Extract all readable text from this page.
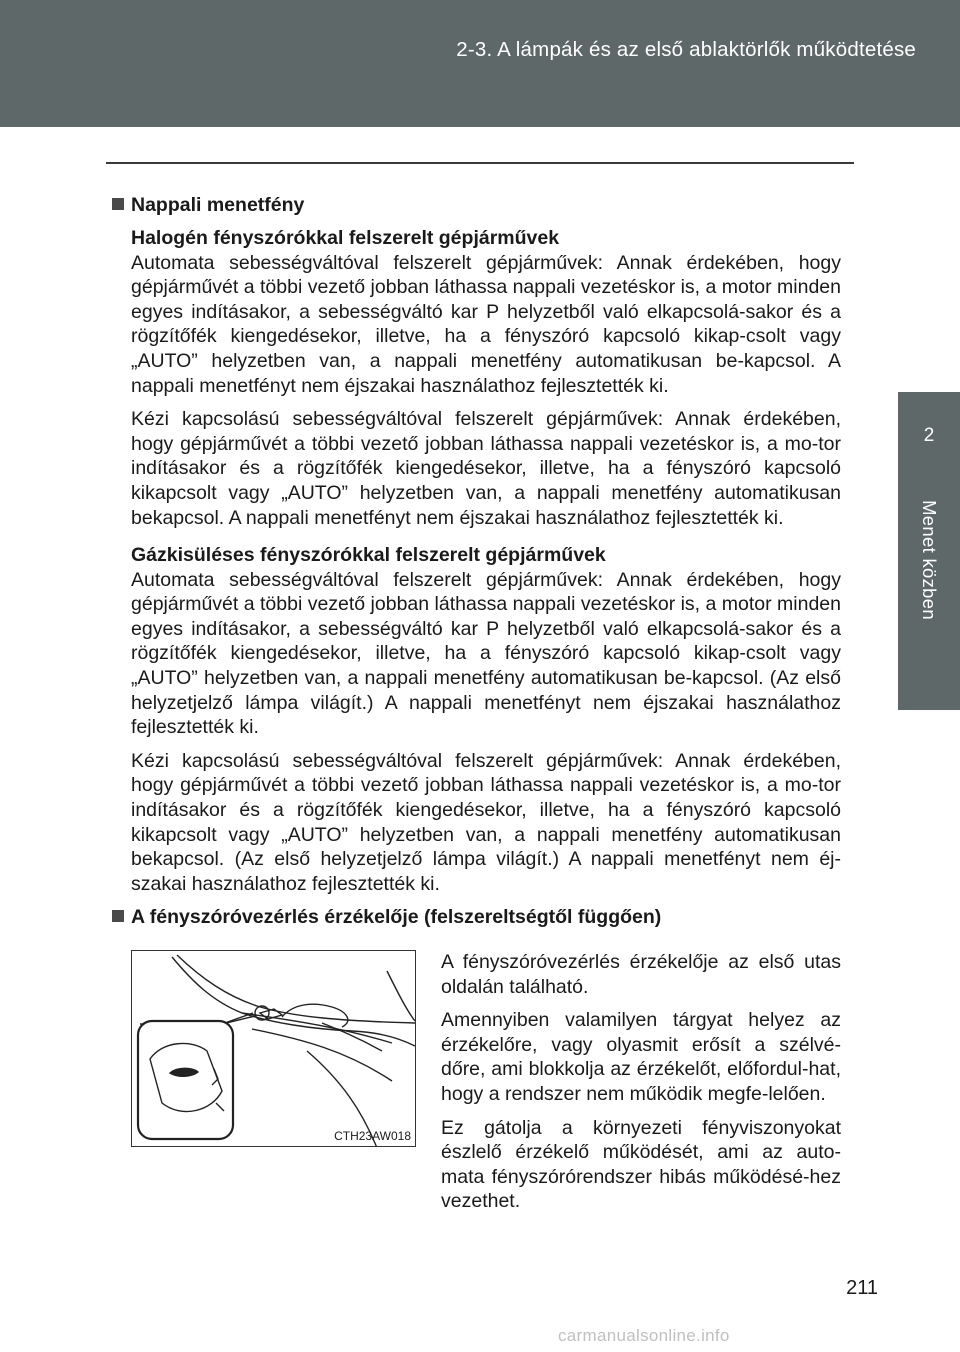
2-3. A lámpák és az első ablaktörlők működtetése
2
Menet közben
Nappali menetfény
Halogén fényszórókkal felszerelt gépjárművek

Automata sebességváltóval felszerelt gépjárművek: Annak érdekében, hogy gépjárművét a többi vezető jobban láthassa nappali vezetéskor is, a motor minden egyes indításakor, a sebességváltó kar P helyzetből való elkapcsolá-sakor és a rögzítőfék kiengedésekor, illetve, ha a fényszóró kapcsoló kikap-csolt vagy „AUTO” helyzetben van, a nappali menetfény automatikusan be-kapcsol. A nappali menetfényt nem éjszakai használathoz fejlesztették ki.

Kézi kapcsolású sebességváltóval felszerelt gépjárművek: Annak érdekében, hogy gépjárművét a többi vezető jobban láthassa nappali vezetéskor is, a mo-tor indításakor és a rögzítőfék kiengedésekor, illetve, ha a fényszóró kapcsoló kikapcsolt vagy „AUTO” helyzetben van, a nappali menetfény automatikusan bekapcsol. A nappali menetfényt nem éjszakai használathoz fejlesztették ki.

Gázkisüléses fényszórókkal felszerelt gépjárművek

Automata sebességváltóval felszerelt gépjárművek: Annak érdekében, hogy gépjárművét a többi vezető jobban láthassa nappali vezetéskor is, a motor minden egyes indításakor, a sebességváltó kar P helyzetből való elkapcsolá-sakor és a rögzítőfék kiengedésekor, illetve, ha a fényszóró kapcsoló kikap-csolt vagy „AUTO” helyzetben van, a nappali menetfény automatikusan be-kapcsol. (Az első helyzetjelző lámpa világít.) A nappali menetfényt nem éjszakai használathoz fejlesztették ki.

Kézi kapcsolású sebességváltóval felszerelt gépjárművek: Annak érdekében, hogy gépjárművét a többi vezető jobban láthassa nappali vezetéskor is, a mo-tor indításakor és a rögzítőfék kiengedésekor, illetve, ha a fényszóró kapcsoló kikapcsolt vagy „AUTO” helyzetben van, a nappali menetfény automatikusan bekapcsol. (Az első helyzetjelző lámpa világít.) A nappali menetfényt nem éj-szakai használathoz fejlesztették ki.

A fényszóróvezérlés érzékelője (felszereltségtől függően)
CTH23AW018

A fényszóróvezérlés érzékelője az első utas oldalán található.

Amennyiben valamilyen tárgyat helyez az érzékelőre, vagy olyasmit erősít a szélvé-dőre, ami blokkolja az érzékelőt, előfordul-hat, hogy a rendszer nem működik megfe-lelően.

Ez gátolja a környezeti fényviszonyokat észlelő érzékelő működését, ami az auto-mata fényszórórendszer hibás működésé-hez vezethet.

211
carmanualsonline.info
